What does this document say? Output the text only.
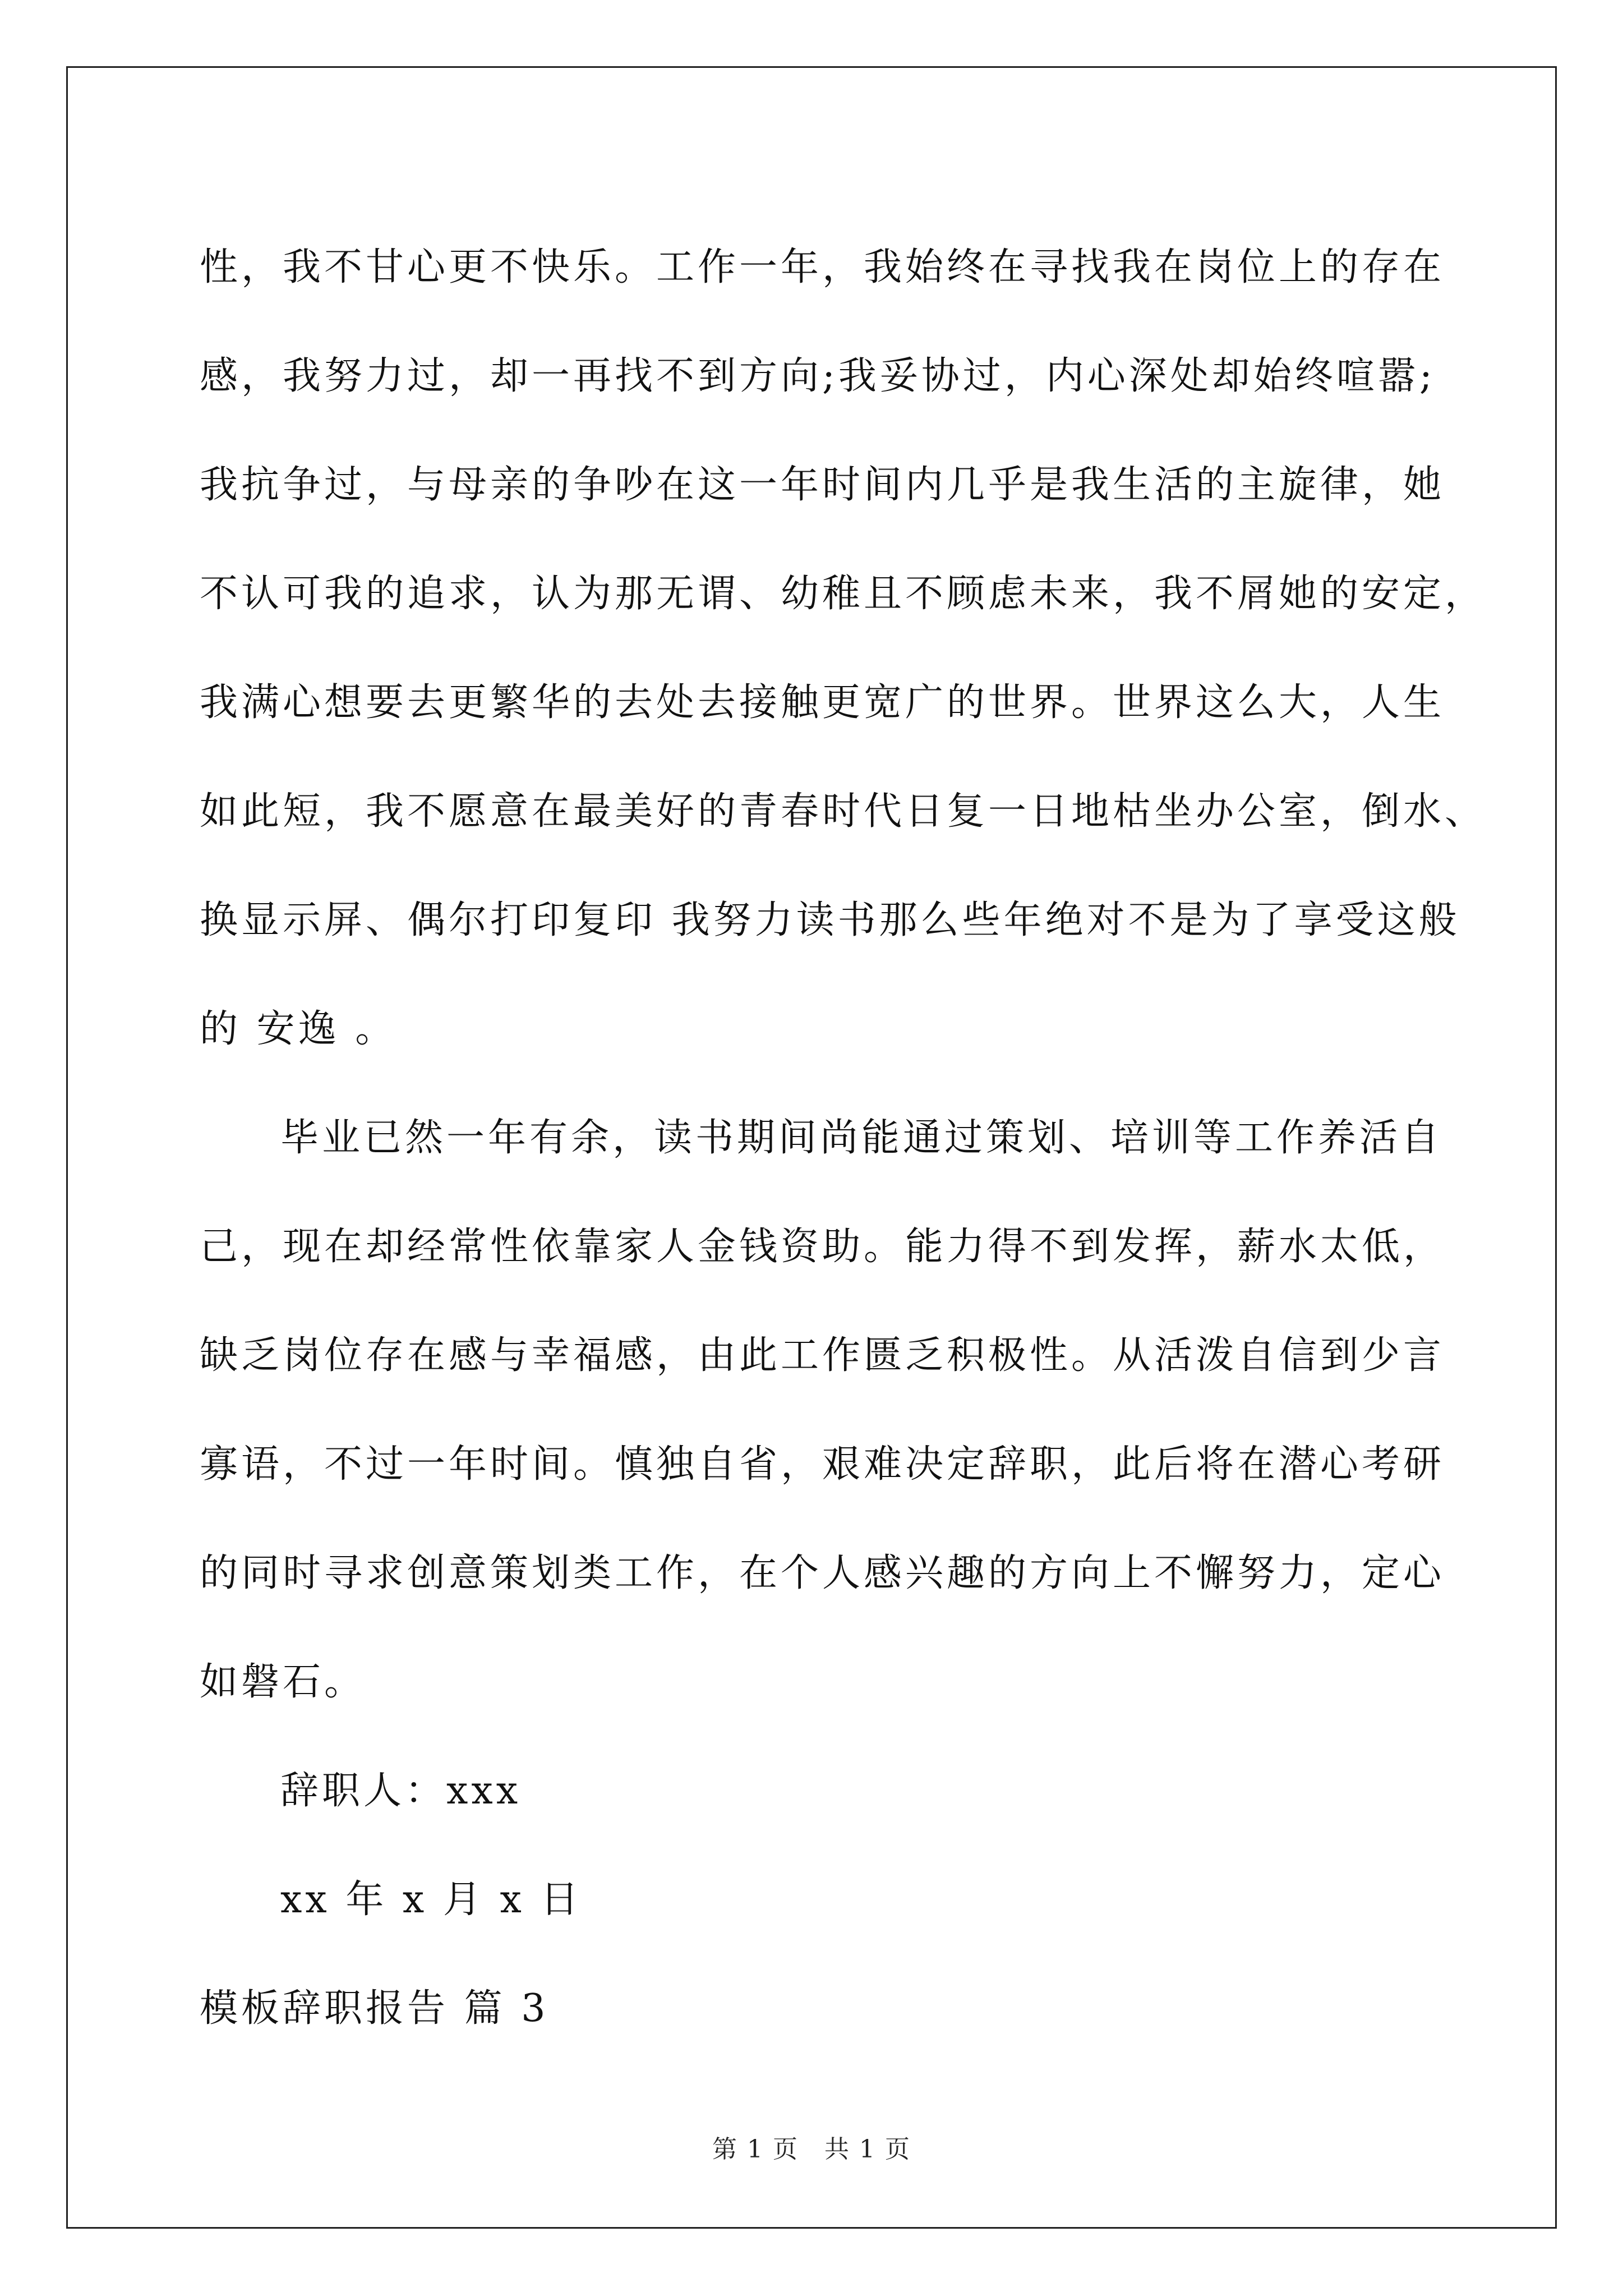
性，我不甘心更不快乐。工作一年，我始终在寻找我在岗位上的存在
感，我努力过，却一再找不到方向;我妥协过，内心深处却始终喧嚣;
我抗争过，与母亲的争吵在这一年时间内几乎是我生活的主旋律，她
不认可我的追求，认为那无谓、幼稚且不顾虑未来，我不屑她的安定，
我满心想要去更繁华的去处去接触更宽广的世界。世界这么大，人生
如此短，我不愿意在最美好的青春时代日复一日地枯坐办公室，倒水、
换显示屏、偶尔打印复印 我努力读书那么些年绝对不是为了享受这般
的 安逸 。
毕业已然一年有余，读书期间尚能通过策划、培训等工作养活自
己，现在却经常性依靠家人金钱资助。能力得不到发挥，薪水太低，
缺乏岗位存在感与幸福感，由此工作匮乏积极性。从活泼自信到少言
寡语，不过一年时间。慎独自省，艰难决定辞职，此后将在潜心考研
的同时寻求创意策划类工作，在个人感兴趣的方向上不懈努力，定心
如磐石。
辞职人：xxx
xx 年 x 月 x 日
模板辞职报告 篇 3
第 1 页　共 1 页
